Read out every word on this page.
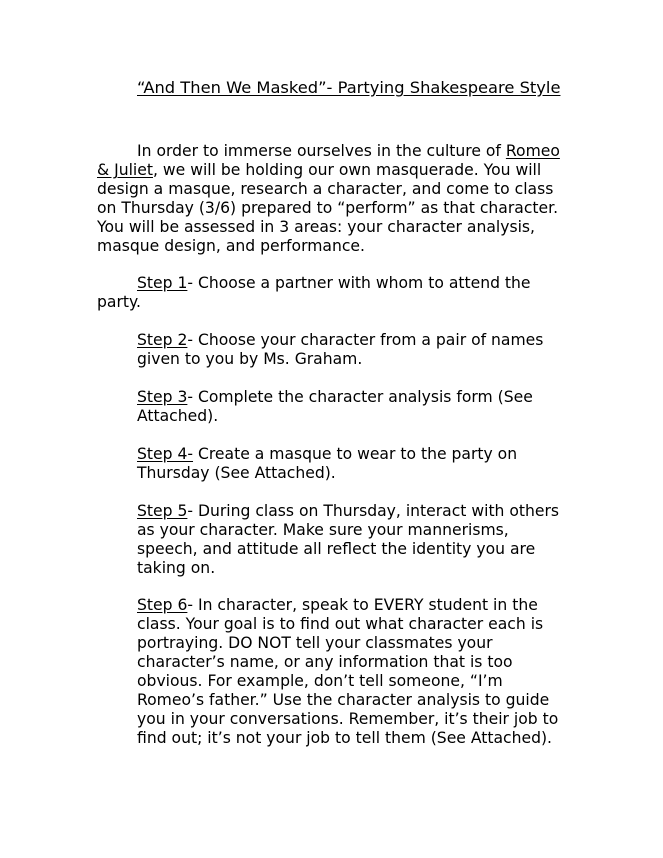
“And Then We Masked”- Partying Shakespeare Style

In order to immerse ourselves in the culture of Romeo & Juliet, we will be holding our own masquerade. You will design a masque, research a character, and come to class on Thursday (3/6) prepared to “perform” as that character. You will be assessed in 3 areas: your character analysis, masque design, and performance.

Step 1- Choose a partner with whom to attend the party.

Step 2- Choose your character from a pair of names given to you by Ms. Graham.

Step 3- Complete the character analysis form (See Attached).

Step 4- Create a masque to wear to the party on Thursday (See Attached).

Step 5- During class on Thursday, interact with others as your character. Make sure your mannerisms, speech, and attitude all reflect the identity you are taking on.

Step 6- In character, speak to EVERY student in the class. Your goal is to find out what character each is portraying. DO NOT tell your classmates your character’s name, or any information that is too obvious. For example, don’t tell someone, “I’m Romeo’s father.” Use the character analysis to guide you in your conversations. Remember, it’s their job to find out; it’s not your job to tell them (See Attached).
